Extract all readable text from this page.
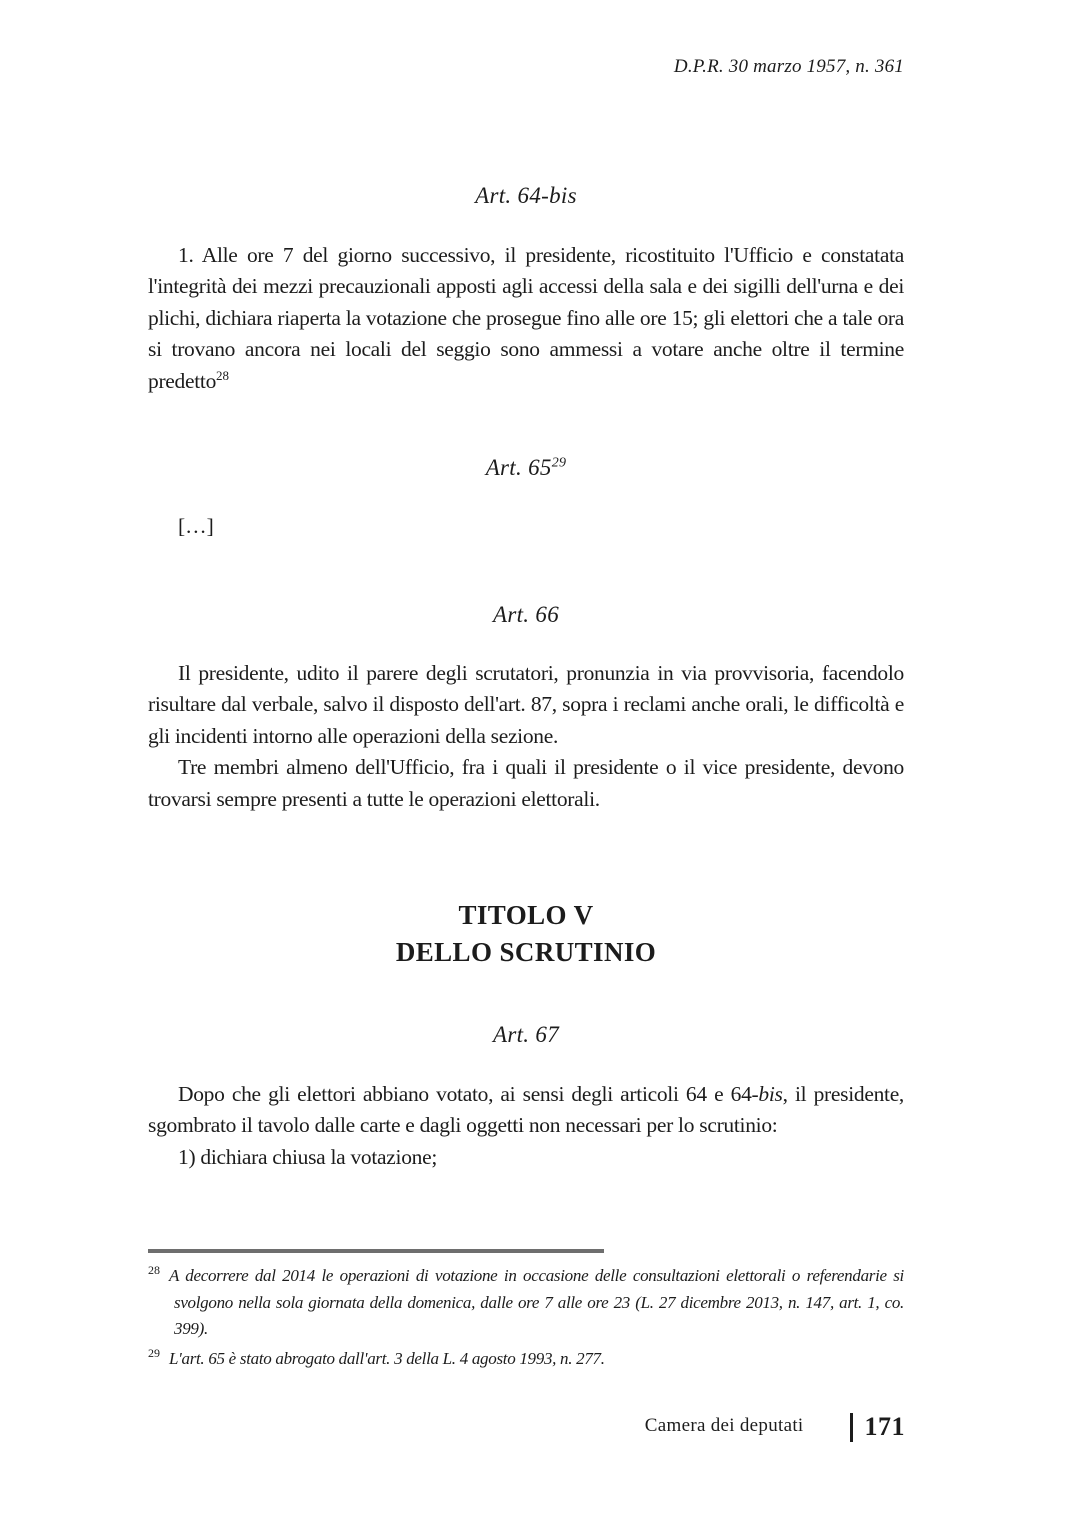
D.P.R. 30 marzo 1957, n. 361
Art. 64-bis

1. Alle ore 7 del giorno successivo, il presidente, ricostituito l'Ufficio e constatata l'integrità dei mezzi precauzionali apposti agli accessi della sala e dei sigilli dell'urna e dei plichi, dichiara riaperta la votazione che prosegue fino alle ore 15; gli elettori che a tale ora si trovano ancora nei locali del seggio sono ammessi a votare anche oltre il termine predetto$^{28}$

Art. $65^{29}$
[…]
Art. 66

Il presidente, udito il parere degli scrutatori, pronunzia in via provvisoria, facendolo risultare dal verbale, salvo il disposto dell'art. 87, sopra i reclami anche orali, le difficoltà e gli incidenti intorno alle operazioni della sezione.

Tre membri almeno dell'Ufficio, fra i quali il presidente o il vice presidente, devono trovarsi sempre presenti a tutte le operazioni elettorali.

TITOLO V
DELLO SCRUTINIO
Art. 67

Dopo che gli elettori abbiano votato, ai sensi degli articoli 64 e 64-bis, il presidente, sgombrato il tavolo dalle carte e dagli oggetti non necessari per lo scrutinio:

1) dichiara chiusa la votazione;

$^{28}$ A decorrere dal 2014 le operazioni di votazione in occasione delle consultazioni elettorali o referendarie si svolgono nella sola giornata della domenica, dalle ore 7 alle ore 23 (L. 27 dicembre 2013, n. 147, art. 1, co. 399).
$^{29}$ L'art. 65 è stato abrogato dall'art. 3 della L. 4 agosto 1993, n. 277.
Camera dei deputati 171
